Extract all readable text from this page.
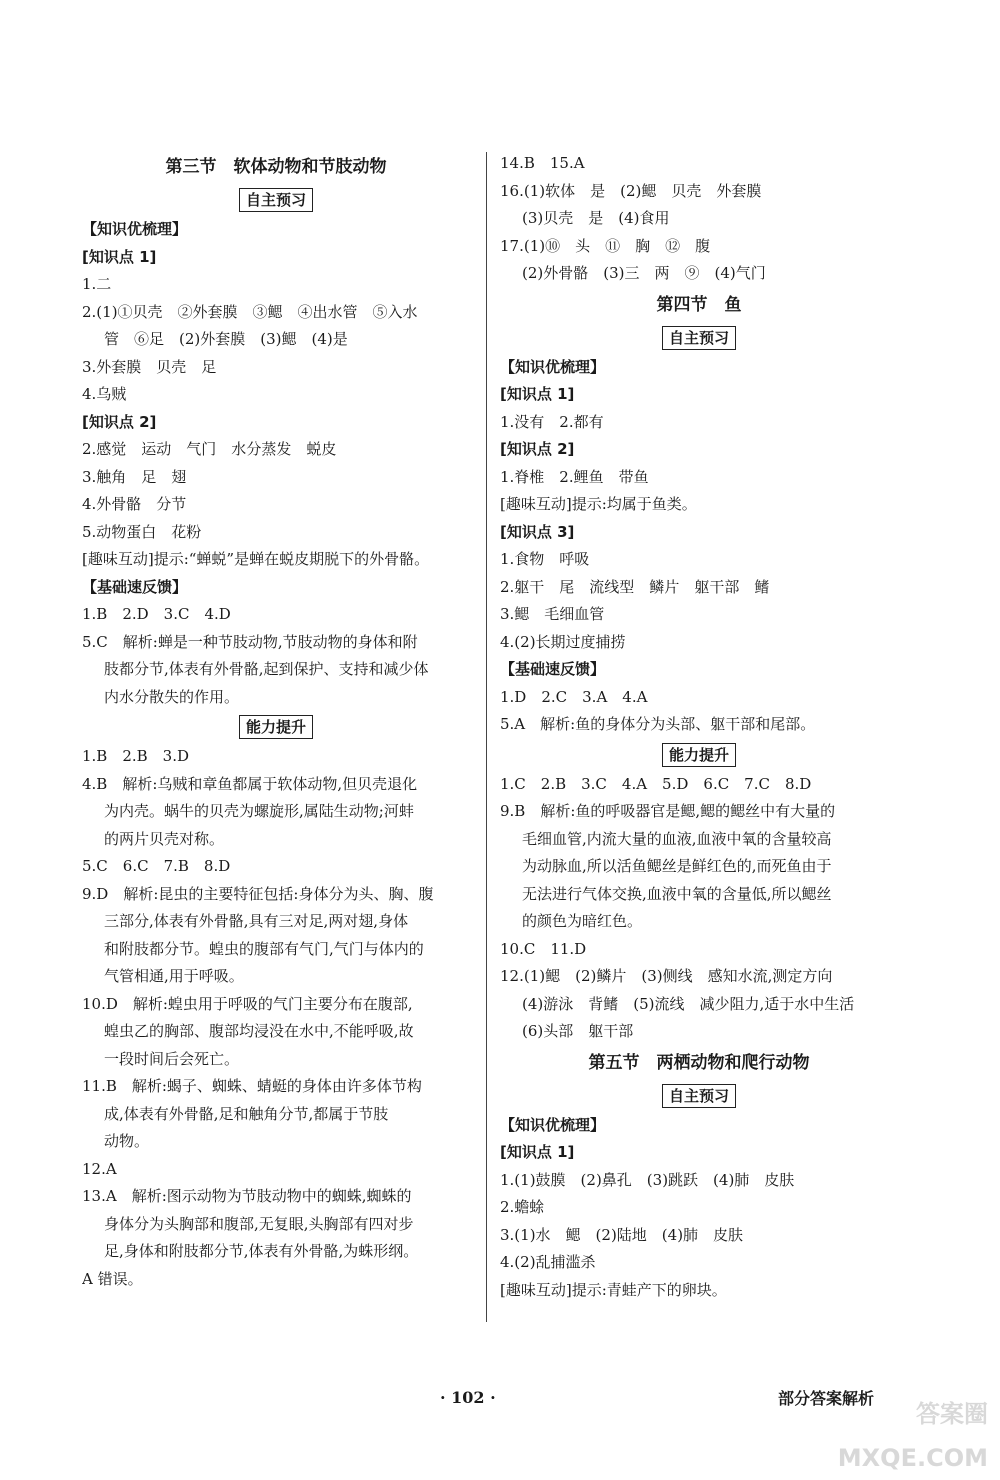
第三节　软体动物和节肢动物
自主预习
【知识优梳理】
[知识点 1]
1.二
2.(1)①贝壳　②外套膜　③鳃　④出水管　⑤入水
管　⑥足　(2)外套膜　(3)鳃　(4)是
3.外套膜　贝壳　足
4.乌贼
[知识点 2]
2.感觉　运动　气门　水分蒸发　蜕皮
3.触角　足　翅
4.外骨骼　分节
5.动物蛋白　花粉
[趣味互动]提示:“蝉蜕”是蝉在蜕皮期脱下的外骨骼。
【基础速反馈】
1.B　2.D　3.C　4.D
5.C　解析:蝉是一种节肢动物,节肢动物的身体和附
肢都分节,体表有外骨骼,起到保护、支持和减少体
内水分散失的作用。
能力提升
1.B　2.B　3.D
4.B　解析:乌贼和章鱼都属于软体动物,但贝壳退化
为内壳。蜗牛的贝壳为螺旋形,属陆生动物;河蚌
的两片贝壳对称。
5.C　6.C　7.B　8.D
9.D　解析:昆虫的主要特征包括:身体分为头、胸、腹
三部分,体表有外骨骼,具有三对足,两对翅,身体
和附肢都分节。蝗虫的腹部有气门,气门与体内的
气管相通,用于呼吸。
10.D　解析:蝗虫用于呼吸的气门主要分布在腹部,
蝗虫乙的胸部、腹部均浸没在水中,不能呼吸,故
一段时间后会死亡。
11.B　解析:蝎子、蜘蛛、蜻蜓的身体由许多体节构
成,体表有外骨骼,足和触角分节,都属于节肢
动物。
12.A
13.A　解析:图示动物为节肢动物中的蜘蛛,蜘蛛的
身体分为头胸部和腹部,无复眼,头胸部有四对步
足,身体和附肢都分节,体表有外骨骼,为蛛形纲。
A 错误。
14.B　15.A
16.(1)软体　是　(2)鳃　贝壳　外套膜
(3)贝壳　是　(4)食用
17.(1)⑩　头　⑪　胸　⑫　腹
(2)外骨骼　(3)三　两　⑨　(4)气门
第四节　鱼
自主预习
【知识优梳理】
[知识点 1]
1.没有　2.都有
[知识点 2]
1.脊椎　2.鲤鱼　带鱼
[趣味互动]提示:均属于鱼类。
[知识点 3]
1.食物　呼吸
2.躯干　尾　流线型　鳞片　躯干部　鳍
3.鳃　毛细血管
4.(2)长期过度捕捞
【基础速反馈】
1.D　2.C　3.A　4.A
5.A　解析:鱼的身体分为头部、躯干部和尾部。
能力提升
1.C　2.B　3.C　4.A　5.D　6.C　7.C　8.D
9.B　解析:鱼的呼吸器官是鳃,鳃的鳃丝中有大量的
毛细血管,内流大量的血液,血液中氧的含量较高
为动脉血,所以活鱼鳃丝是鲜红色的,而死鱼由于
无法进行气体交换,血液中氧的含量低,所以鳃丝
的颜色为暗红色。
10.C　11.D
12.(1)鳃　(2)鳞片　(3)侧线　感知水流,测定方向
(4)游泳　背鳍　(5)流线　减少阻力,适于水中生活
(6)头部　躯干部
第五节　两栖动物和爬行动物
自主预习
【知识优梳理】
[知识点 1]
1.(1)鼓膜　(2)鼻孔　(3)跳跃　(4)肺　皮肤
2.蟾蜍
3.(1)水　鳃　(2)陆地　(4)肺　皮肤
4.(2)乱捕滥杀
[趣味互动]提示:青蛙产下的卵块。
· 102 ·	部分答案解析
答案圈 MXQE.COM
